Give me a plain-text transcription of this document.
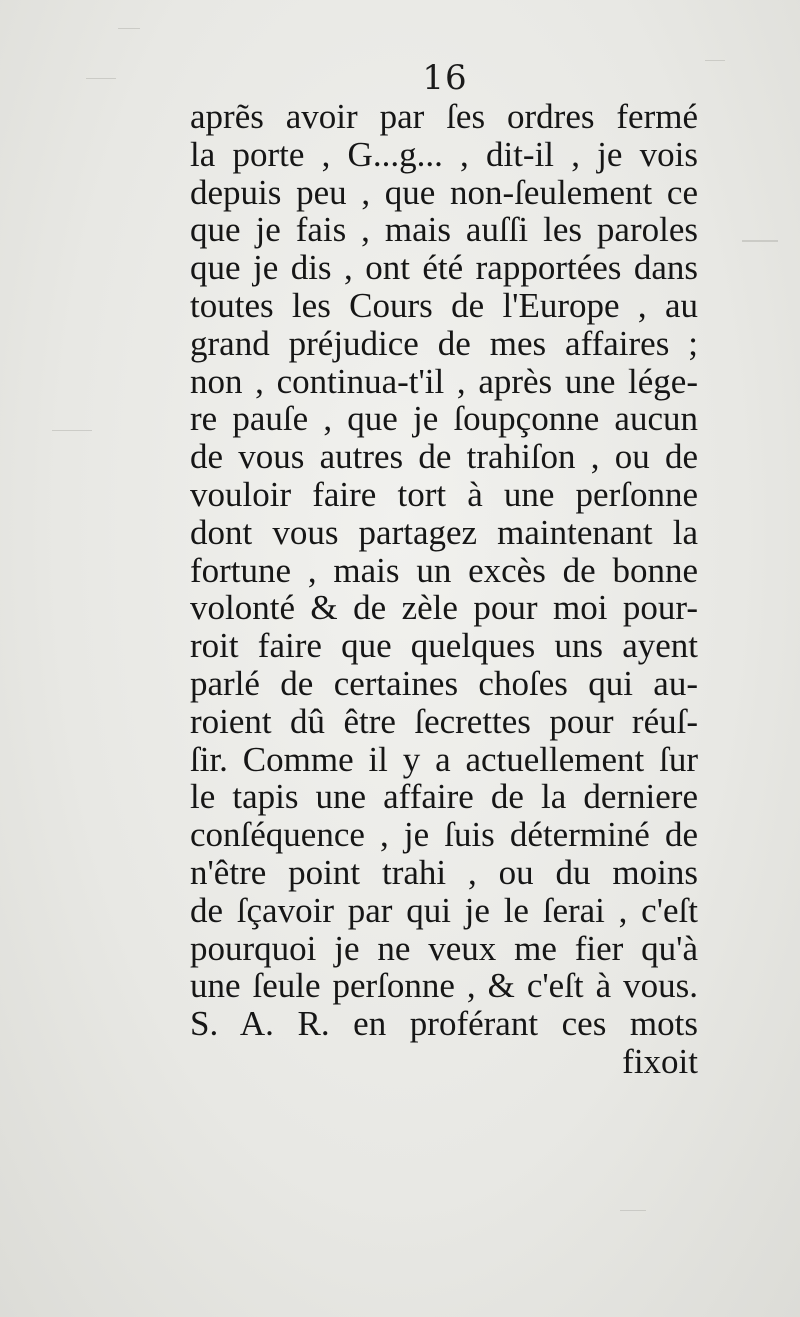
16
aprẽs avoir par ſes ordres fermé
la porte , G...g... , dit-il , je vois
depuis peu , que non-ſeulement ce
que je fais , mais auſſi les paroles
que je dis , ont été rapportées dans
toutes les Cours de l'Europe , au
grand préjudice de mes affaires ;
non , continua-t'il , après une lége-
re pauſe , que je ſoupçonne aucun
de vous autres de trahiſon , ou de
vouloir faire tort à une perſonne
dont vous partagez maintenant la
fortune , mais un excès de bonne
volonté & de zèle pour moi pour-
roit faire que quelques uns ayent
parlé de certaines choſes qui au-
roient dû être ſecrettes pour réuſ-
ſir. Comme il y a actuellement ſur
le tapis une affaire de la derniere
conſéquence , je ſuis déterminé de
n'être point trahi , ou du moins
de ſçavoir par qui je le ſerai , c'eſt
pourquoi je ne veux me fier qu'à
une ſeule perſonne , & c'eſt à vous.
S. A. R. en proférant ces mots
fixoit
